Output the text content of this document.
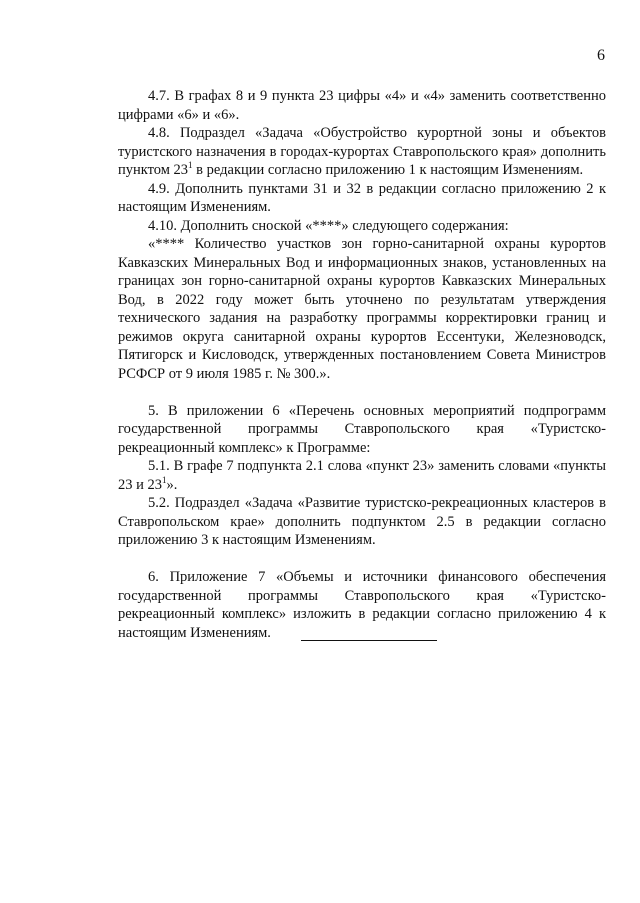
6

4.7. В графах 8 и 9 пункта 23 цифры «4» и «4» заменить соответственно цифрами «6» и «6».

4.8. Подраздел «Задача «Обустройство курортной зоны и объектов туристского назначения в городах-курортах Ставропольского края» дополнить пунктом $23^1$ в редакции согласно приложению 1 к настоящим Изменениям.

4.9. Дополнить пунктами 31 и 32 в редакции согласно приложению 2 к настоящим Изменениям.

4.10. Дополнить сноской «****» следующего содержания:

«**** Количество участков зон горно-санитарной охраны курортов Кавказских Минеральных Вод и информационных знаков, установленных на границах зон горно-санитарной охраны курортов Кавказских Минеральных Вод, в 2022 году может быть уточнено по результатам утверждения технического задания на разработку программы корректировки границ и режимов округа санитарной охраны курортов Ессентуки, Железноводск, Пятигорск и Кисловодск, утвержденных постановлением Совета Министров РСФСР от 9 июля 1985 г. № 300.».

5. В приложении 6 «Перечень основных мероприятий подпрограмм государственной программы Ставропольского края «Туристско-рекреационный комплекс» к Программе:

5.1. В графе 7 подпункта 2.1 слова «пункт 23» заменить словами «пункты 23 и $23^1$».

5.2. Подраздел «Задача «Развитие туристско-рекреационных кластеров в Ставропольском крае» дополнить подпунктом 2.5 в редакции согласно приложению 3 к настоящим Изменениям.

6. Приложение 7 «Объемы и источники финансового обеспечения государственной программы Ставропольского края «Туристско-рекреационный комплекс» изложить в редакции согласно приложению 4 к настоящим Изменениям.
